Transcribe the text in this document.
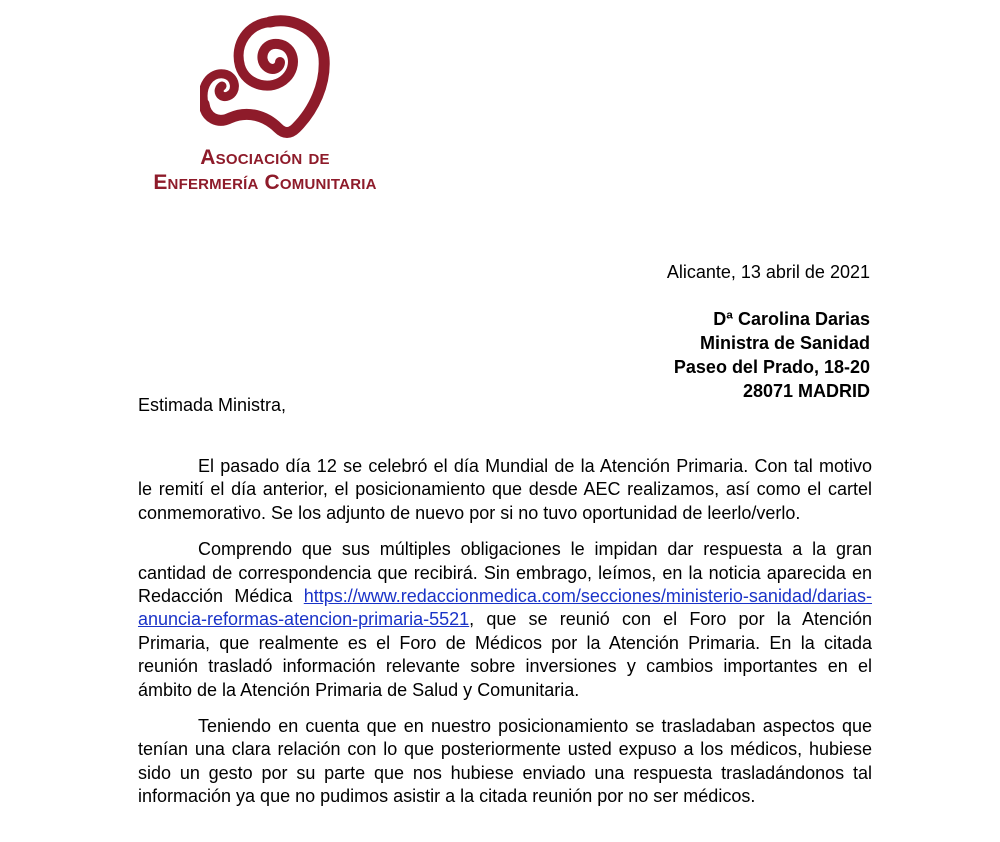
Asociación de
Enfermería Comunitaria
Alicante, 13 abril de 2021
Dª Carolina Darias
Ministra de Sanidad
Paseo del Prado, 18-20
28071 MADRID
Estimada Ministra,

El pasado día 12 se celebró el día Mundial de la Atención Primaria. Con tal motivo le remití el día anterior, el posicionamiento que desde AEC realizamos, así como el cartel conmemorativo. Se los adjunto de nuevo por si no tuvo oportunidad de leerlo/verlo.

Comprendo que sus múltiples obligaciones le impidan dar respuesta a la gran cantidad de correspondencia que recibirá. Sin embrago, leímos, en la noticia aparecida en Redacción Médica https://www.redaccionmedica.com/secciones/ministerio-sanidad/darias-anuncia-reformas-atencion-primaria-5521, que se reunió con el Foro por la Atención Primaria, que realmente es el Foro de Médicos por la Atención Primaria. En la citada reunión trasladó información relevante sobre inversiones y cambios importantes en el ámbito de la Atención Primaria de Salud y Comunitaria.

Teniendo en cuenta que en nuestro posicionamiento se trasladaban aspectos que tenían una clara relación con lo que posteriormente usted expuso a los médicos, hubiese sido un gesto por su parte que nos hubiese enviado una respuesta trasladándonos tal información ya que no pudimos asistir a la citada reunión por no ser médicos.
